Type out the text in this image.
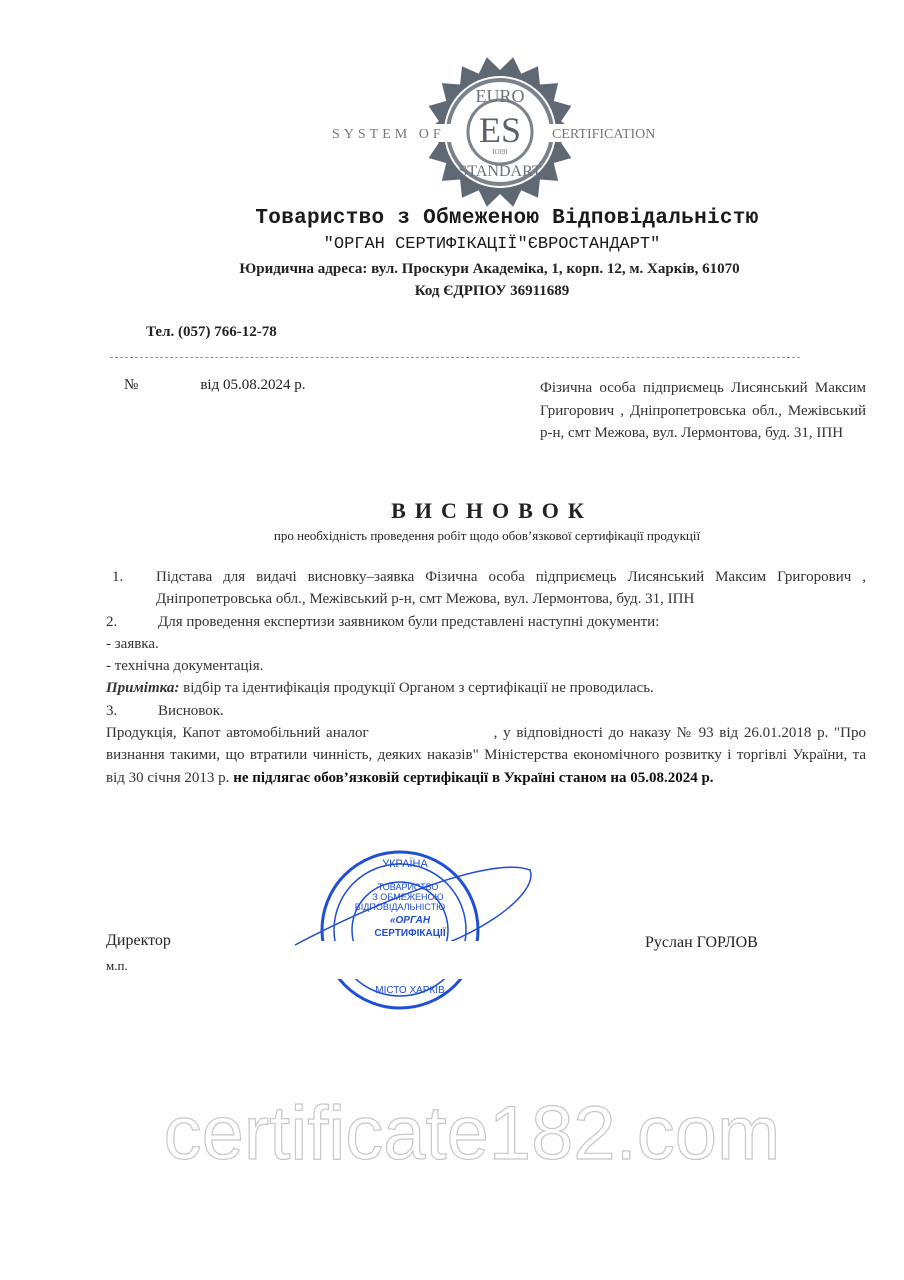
EURO
ES
IOI9I
STANDART
SYSTEM OF	CERTIFICATION
Товариство з Обмеженою Відповідальністю
"ОРГАН СЕРТИФІКАЦІЇ"ЄВРОСТАНДАРТ"
Юридична адреса: вул. Проскури Академіка, 1, корп. 12, м. Харків, 61070
Код ЄДРПОУ 36911689
Тел. (057) 766-12-78
№	від 05.08.2024 р.	Фізична особа підприємець Лисянський Максим Григорович , Дніпропетровська обл., Межівський р-н, смт Межова, вул. Лермонтова, буд. 31, ІПН
ВИСНОВОК
про необхідність проведення робіт щодо обов’язкової сертифікації продукції

1. Підстава для видачі висновку–заявка Фізична особа підприємець Лисянський Максим Григорович , Дніпропетровська обл., Межівський р-н, смт Межова, вул. Лермонтова, буд. 31, ІПН

2.	Для проведення експертизи заявником були представлені наступні документи:

- заявка.

- технічна документація.

Примітка: відбір та ідентифікація продукції Органом з сертифікації не проводилась.

3.	Висновок.

Продукція, Капот автомобільний аналог	, у відповідності до наказу № 93 від 26.01.2018 р. "Про визнання такими, що втратили чинність, деяких наказів" Міністерства економічного розвитку і торгівлі України, та від 30 січня 2013 р. не підлягає обов’язковій сертифікації в Україні станом на 05.08.2024 р.

УКРАЇНА
ТОВАРИСТВО
З ОБМЕЖЕНОЮ
ВІДПОВІДАЛЬНІСТЮ
«ОРГАН
СЕРТИФІКАЦІЇ
МІСТО ХАРКІВ
Директор
м.п.
Руслан ГОРЛОВ
certificate182.com
